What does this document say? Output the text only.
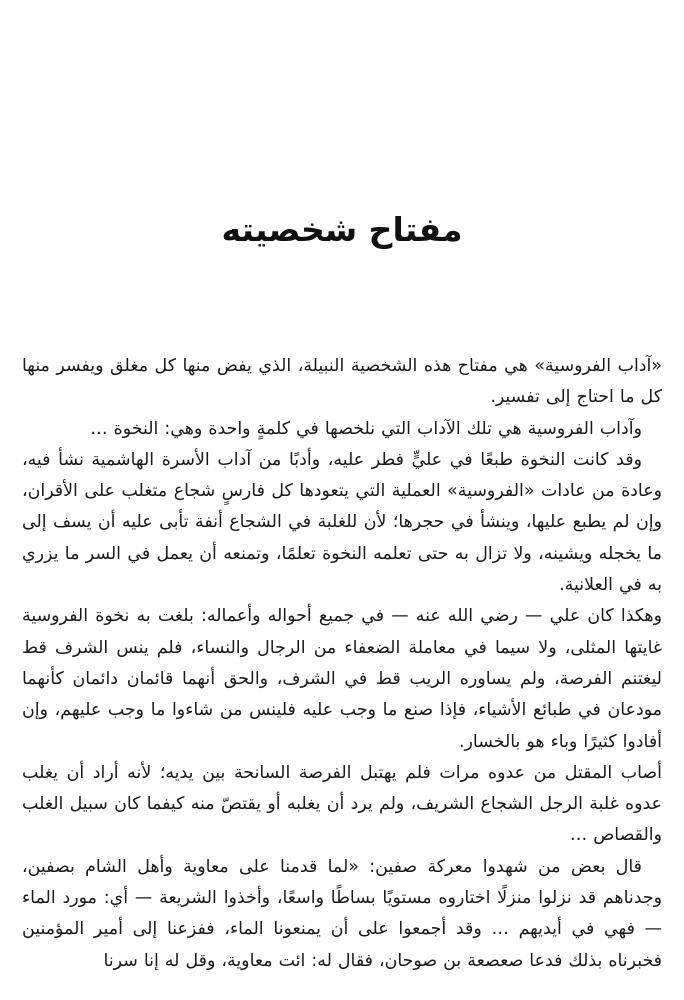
مفتاح شخصيته

«آداب الفروسية» هي مفتاح هذه الشخصية النبيلة، الذي يفض منها كل مغلق ويفسر منها كل ما احتاج إلى تفسير.

وآداب الفروسية هي تلك الآداب التي نلخصها في كلمةٍ واحدة وهي: النخوة …

وقد كانت النخوة طبعًا في عليٍّ فطر عليه، وأدبًا من آداب الأسرة الهاشمية نشأ فيه، وعادة من عادات «الفروسية» العملية التي يتعودها كل فارسٍ شجاع متغلب على الأقران، وإن لم يطبع عليها، وينشأ في حجرها؛ لأن للغلبة في الشجاع أنفة تأبى عليه أن يسف إلى ما يخجله ويشينه، ولا تزال به حتى تعلمه النخوة تعلمًا، وتمنعه أن يعمل في السر ما يزري به في العلانية.

وهكذا كان علي — رضي الله عنه — في جميع أحواله وأعماله: بلغت به نخوة الفروسية غايتها المثلى، ولا سيما في معاملة الضعفاء من الرجال والنساء، فلم ينس الشرف قط ليغتنم الفرصة، ولم يساوره الريب قط في الشرف، والحق أنهما قائمان دائمان كأنهما مودعان في طبائع الأشياء، فإذا صنع ما وجب عليه فلينس من شاءوا ما وجب عليهم، وإن أفادوا كثيرًا وباء هو بالخسار.

أصاب المقتل من عدوه مرات فلم يهتبل الفرصة السانحة بين يديه؛ لأنه أراد أن يغلب عدوه غلبة الرجل الشجاع الشريف، ولم يرد أن يغلبه أو يقتصّ منه كيفما كان سبيل الغلب والقصاص …

قال بعض من شهدوا معركة صفين: «لما قدمنا على معاوية وأهل الشام بصفين، وجدناهم قد نزلوا منزلًا اختاروه مستويًا بساطًا واسعًا، وأخذوا الشريعة — أي: مورد الماء — فهي في أيديهم … وقد أجمعوا على أن يمنعونا الماء، ففزعنا إلى أمير المؤمنين فخبرناه بذلك فدعا صعصعة بن صوحان، فقال له: ائت معاوية، وقل له إنا سرنا
